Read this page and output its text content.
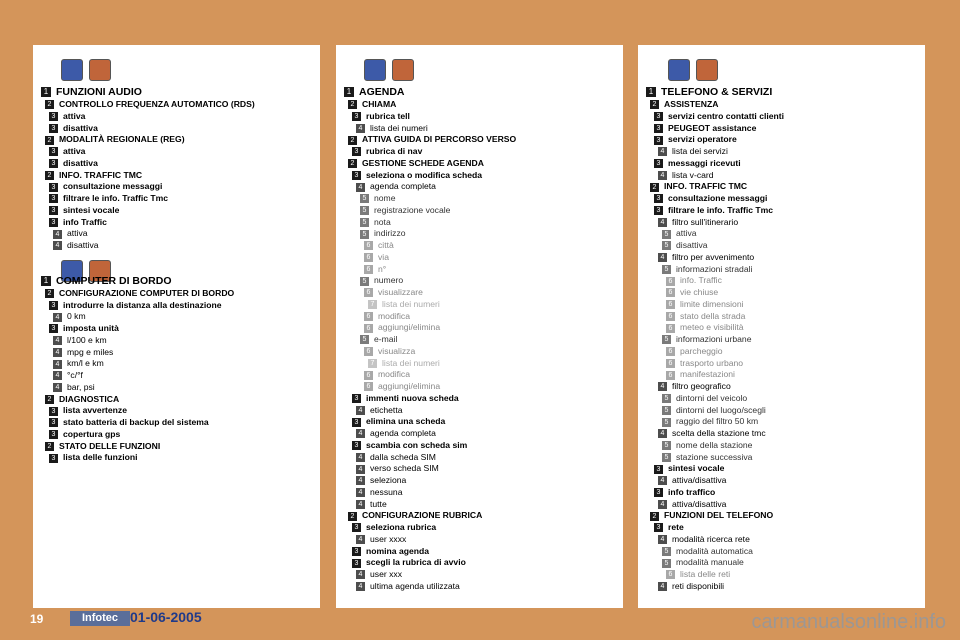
1 FUNZIONI AUDIO
2 CONTROLLO FREQUENZA AUTOMATICO (RDS)
3 attiva
3 disattiva
2 MODALITÀ REGIONALE (REG)
3 attiva
3 disattiva
2 INFO. TRAFFIC TMC
3 consultazione messaggi
3 filtrare le info. Traffic Tmc
3 sintesi vocale
3 info Traffic
4 attiva
4 disattiva
1 COMPUTER DI BORDO
2 CONFIGURAZIONE COMPUTER DI BORDO
3 introdurre la distanza alla destinazione
4 0 km
3 imposta unità
4 l/100 e km
4 mpg e miles
4 km/l e km
4 °c/°f
4 bar, psi
2 DIAGNOSTICA
3 lista avvertenze
3 stato batteria di backup del sistema
3 copertura gps
2 STATO DELLE FUNZIONI
3 lista delle funzioni
1 AGENDA
2 CHIAMA
3 rubrica tell
4 lista dei numeri
2 ATTIVA GUIDA DI PERCORSO VERSO
3 rubrica di nav
2 GESTIONE SCHEDE AGENDA
3 seleziona o modifica scheda
4 agenda completa
5 nome
5 registrazione vocale
5 nota
5 indirizzo
6 città
6 via
6 n°
5 numero
6 visualizzare
7 lista dei numeri
6 modifica
6 aggiungi/elimina
5 e-mail
6 visualizza
7 lista dei numeri
6 modifica
6 aggiungi/elimina
3 immenti nuova scheda
4 etichetta
3 elimina una scheda
4 agenda completa
3 scambia con scheda sim
4 dalla scheda SIM
4 verso scheda SIM
4 seleziona
4 nessuna
4 tutte
2 CONFIGURAZIONE RUBRICA
3 seleziona rubrica
4 user xxxx
3 nomina agenda
3 scegli la rubrica di avvio
4 user xxx
4 ultima agenda utilizzata
1 TELEFONO & SERVIZI
2 ASSISTENZA
3 servizi centro contatti clienti
3 PEUGEOT assistance
3 servizi operatore
4 lista dei servizi
3 messaggi ricevuti
4 lista v-card
2 INFO. TRAFFIC TMC
3 consultazione messaggi
3 filtrare le info. Traffic Tmc
4 filtro sull'itinerario
5 attiva
5 disattiva
4 filtro per avvenimento
5 informazioni stradali
6 info. Traffic
6 vie chiuse
6 limite dimensioni
6 stato della strada
6 meteo e visibilità
5 informazioni urbane
6 parcheggio
6 trasporto urbano
6 manifestazioni
4 filtro geografico
5 dintorni del veicolo
5 dintorni del luogo/scegli
5 raggio del filtro 50 km
4 scelta della stazione tmc
5 nome della stazione
5 stazione successiva
3 sintesi vocale
4 attiva/disattiva
3 info traffico
4 attiva/disattiva
2 FUNZIONI DEL TELEFONO
3 rete
4 modalità ricerca rete
5 modalità automatica
5 modalità manuale
6 lista delle reti
4 reti disponibili
19	Infotec 01-06-2005	carmanualsonline.info
